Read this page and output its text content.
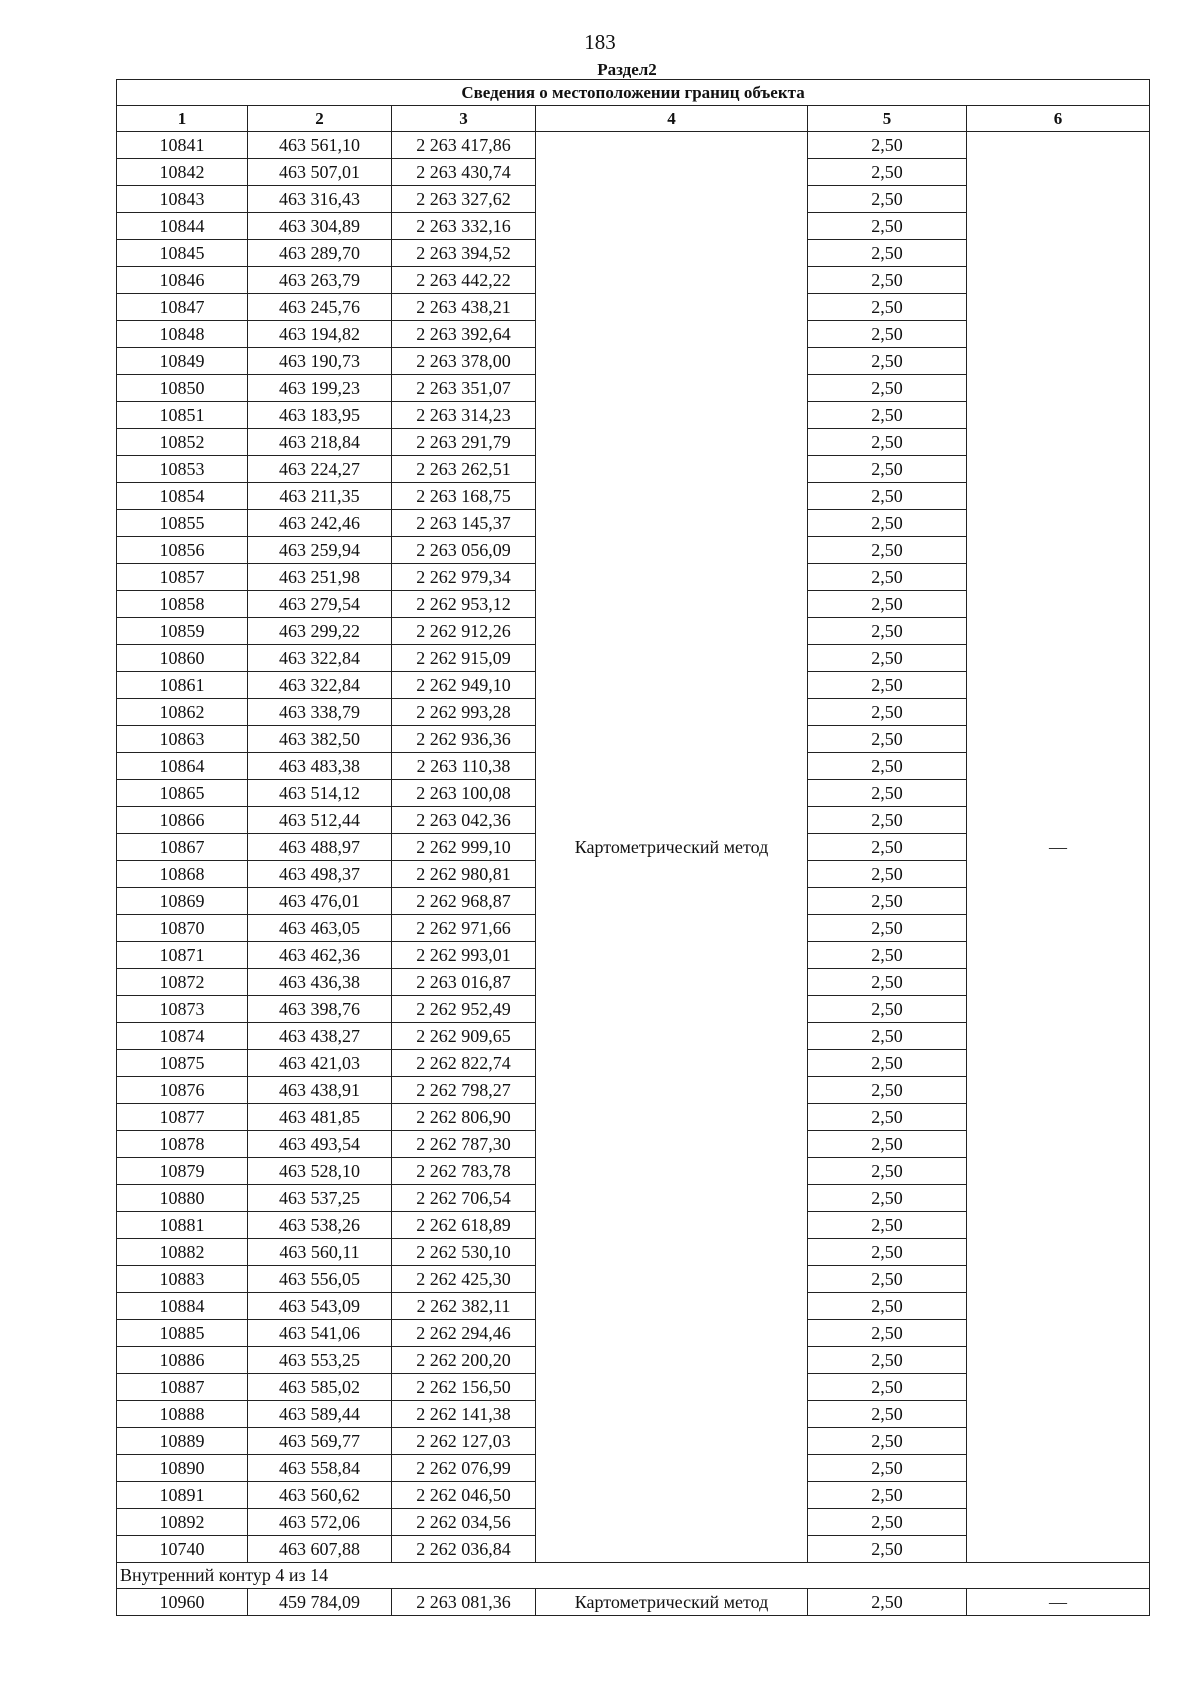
183
Раздел2
Сведения о местоположении границ объекта					
1	2	3	4	5	6
10841	463 561,10	2 263 417,86	Картометрический метод	2,50	—
10842	463 507,01	2 263 430,74		2,50	
10843	463 316,43	2 263 327,62		2,50	
10844	463 304,89	2 263 332,16		2,50	
10845	463 289,70	2 263 394,52		2,50	
10846	463 263,79	2 263 442,22		2,50	
10847	463 245,76	2 263 438,21		2,50	
10848	463 194,82	2 263 392,64		2,50	
10849	463 190,73	2 263 378,00		2,50	
10850	463 199,23	2 263 351,07		2,50	
10851	463 183,95	2 263 314,23		2,50	
10852	463 218,84	2 263 291,79		2,50	
10853	463 224,27	2 263 262,51		2,50	
10854	463 211,35	2 263 168,75		2,50	
10855	463 242,46	2 263 145,37		2,50	
10856	463 259,94	2 263 056,09		2,50	
10857	463 251,98	2 262 979,34		2,50	
10858	463 279,54	2 262 953,12		2,50	
10859	463 299,22	2 262 912,26		2,50	
10860	463 322,84	2 262 915,09		2,50	
10861	463 322,84	2 262 949,10		2,50	
10862	463 338,79	2 262 993,28		2,50	
10863	463 382,50	2 262 936,36		2,50	
10864	463 483,38	2 263 110,38		2,50	
10865	463 514,12	2 263 100,08		2,50	
10866	463 512,44	2 263 042,36		2,50	
10867	463 488,97	2 262 999,10		2,50	
10868	463 498,37	2 262 980,81		2,50	
10869	463 476,01	2 262 968,87		2,50	
10870	463 463,05	2 262 971,66		2,50	
10871	463 462,36	2 262 993,01		2,50	
10872	463 436,38	2 263 016,87		2,50	
10873	463 398,76	2 262 952,49		2,50	
10874	463 438,27	2 262 909,65		2,50	
10875	463 421,03	2 262 822,74		2,50	
10876	463 438,91	2 262 798,27		2,50	
10877	463 481,85	2 262 806,90		2,50	
10878	463 493,54	2 262 787,30		2,50	
10879	463 528,10	2 262 783,78		2,50	
10880	463 537,25	2 262 706,54		2,50	
10881	463 538,26	2 262 618,89		2,50	
10882	463 560,11	2 262 530,10		2,50	
10883	463 556,05	2 262 425,30		2,50	
10884	463 543,09	2 262 382,11		2,50	
10885	463 541,06	2 262 294,46		2,50	
10886	463 553,25	2 262 200,20		2,50	
10887	463 585,02	2 262 156,50		2,50	
10888	463 589,44	2 262 141,38		2,50	
10889	463 569,77	2 262 127,03		2,50	
10890	463 558,84	2 262 076,99		2,50	
10891	463 560,62	2 262 046,50		2,50	
10892	463 572,06	2 262 034,56		2,50	
10740	463 607,88	2 262 036,84		2,50	
Внутренний контур 4 из 14					
10960	459 784,09	2 263 081,36	Картометрический метод	2,50	—
